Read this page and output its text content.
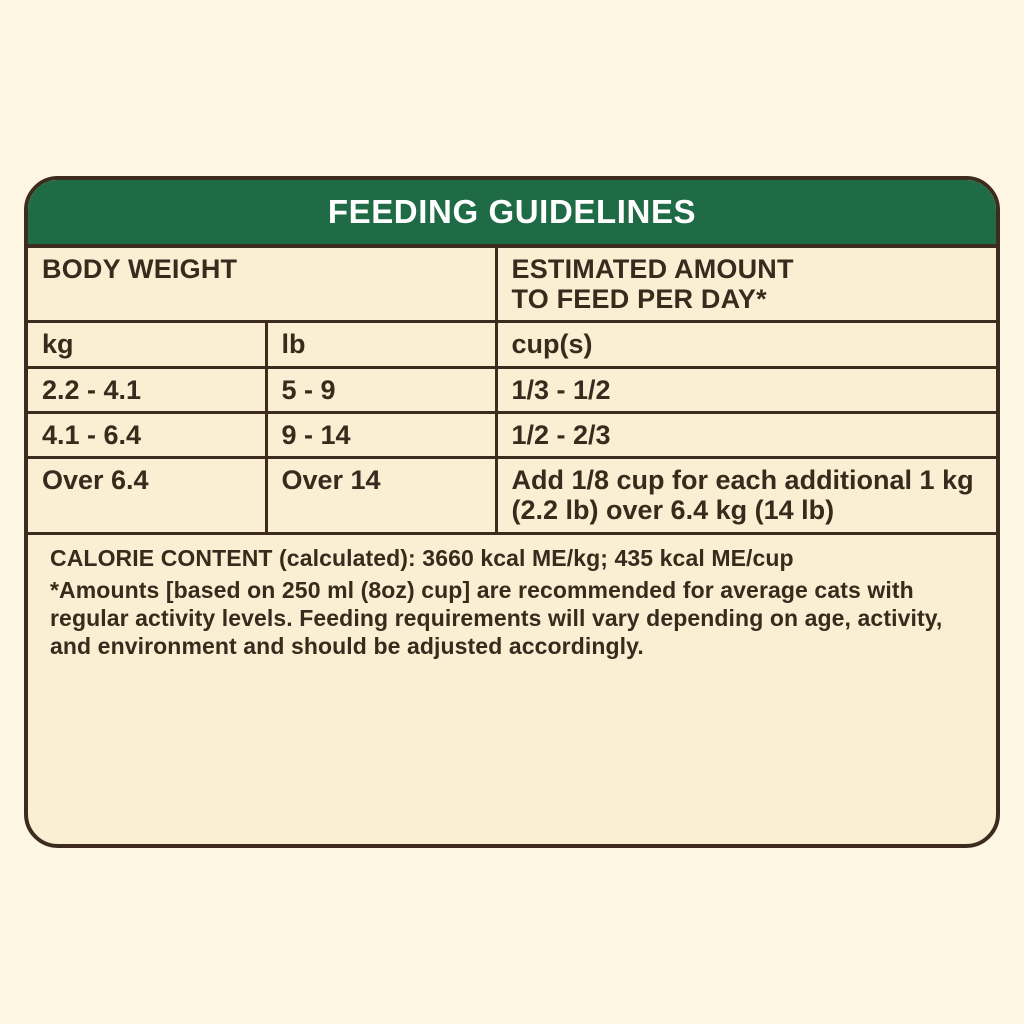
FEEDING GUIDELINES
BODY WEIGHT		ESTIMATED AMOUNT
TO FEED PER DAY*
kg	lb	cup(s)
2.2 - 4.1	5 - 9	1/3 - 1/2
4.1 - 6.4	9 - 14	1/2 - 2/3
Over 6.4	Over 14	Add 1/8 cup for each additional 1 kg (2.2 lb) over 6.4 kg (14 lb)
CALORIE CONTENT (calculated): 3660 kcal ME/kg; 435 kcal ME/cup
*Amounts [based on 250 ml (8oz) cup] are recommended for average cats with regular activity levels. Feeding requirements will vary depending on age, activity, and environment and should be adjusted accordingly.
